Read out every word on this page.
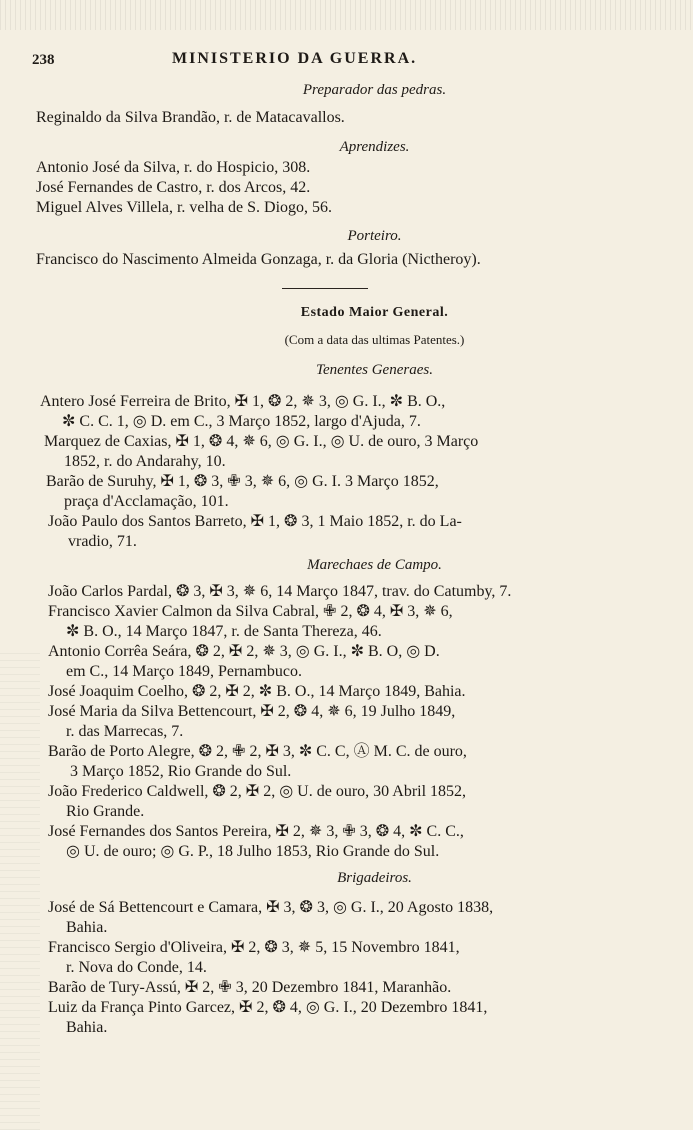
238	MINISTERIO DA GUERRA.
Preparador das pedras.
Reginaldo da Silva Brandão, r. de Matacavallos.
Aprendizes.
Antonio José da Silva, r. do Hospicio, 308.
José Fernandes de Castro, r. dos Arcos, 42.
Miguel Alves Villela, r. velha de S. Diogo, 56.
Porteiro.
Francisco do Nascimento Almeida Gonzaga, r. da Gloria (Nictheroy).
Estado Maior General.
(Com a data das ultimas Patentes.)
Tenentes Generaes.
Antero José Ferreira de Brito, ✠ 1, ❂ 2, ✵ 3, ◎ G. I., ✼ B. O.,
✼ C. C. 1, ◎ D. em C., 3 Março 1852, largo d'Ajuda, 7.
Marquez de Caxias, ✠ 1, ❂ 4, ✵ 6, ◎ G. I., ◎ U. de ouro, 3 Março
1852, r. do Andarahy, 10.
Barão de Suruhy, ✠ 1, ❂ 3, ✙ 3, ✵ 6, ◎ G. I. 3 Março 1852,
praça d'Acclamação, 101.
João Paulo dos Santos Barreto, ✠ 1, ❂ 3, 1 Maio 1852, r. do La-
vradio, 71.
Marechaes de Campo.
João Carlos Pardal, ❂ 3, ✠ 3, ✵ 6, 14 Março 1847, trav. do Catumby, 7.
Francisco Xavier Calmon da Silva Cabral, ✙ 2, ❂ 4, ✠ 3, ✵ 6,
✼ B. O., 14 Março 1847, r. de Santa Thereza, 46.
Antonio Corrêa Seára, ❂ 2, ✠ 2, ✵ 3, ◎ G. I., ✼ B. O, ◎ D.
em C., 14 Março 1849, Pernambuco.
José Joaquim Coelho, ❂ 2, ✠ 2, ✼ B. O., 14 Março 1849, Bahia.
José Maria da Silva Bettencourt, ✠ 2, ❂ 4, ✵ 6, 19 Julho 1849,
r. das Marrecas, 7.
Barão de Porto Alegre, ❂ 2, ✙ 2, ✠ 3, ✼ C. C, Ⓐ M. C. de ouro,
3 Março 1852, Rio Grande do Sul.
João Frederico Caldwell, ❂ 2, ✠ 2, ◎ U. de ouro, 30 Abril 1852,
Rio Grande.
José Fernandes dos Santos Pereira, ✠ 2, ✵ 3, ✙ 3, ❂ 4, ✼ C. C.,
◎ U. de ouro; ◎ G. P., 18 Julho 1853, Rio Grande do Sul.
Brigadeiros.
José de Sá Bettencourt e Camara, ✠ 3, ❂ 3, ◎ G. I., 20 Agosto 1838,
Bahia.
Francisco Sergio d'Oliveira, ✠ 2, ❂ 3, ✵ 5, 15 Novembro 1841,
r. Nova do Conde, 14.
Barão de Tury-Assú, ✠ 2, ✙ 3, 20 Dezembro 1841, Maranhão.
Luiz da França Pinto Garcez, ✠ 2, ❂ 4, ◎ G. I., 20 Dezembro 1841,
Bahia.
